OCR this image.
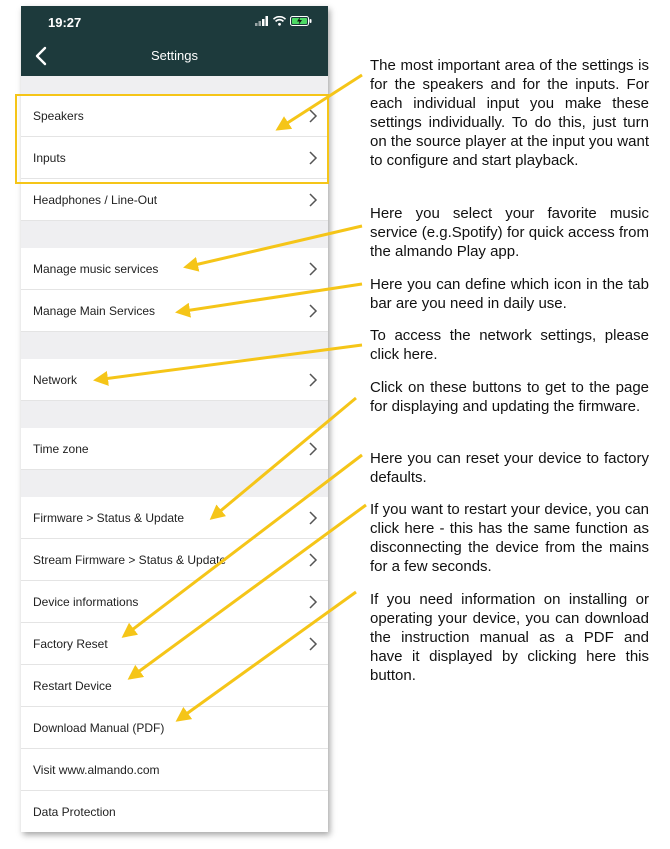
19:27
Settings
Speakers
Inputs
Headphones / Line-Out
Manage music services
Manage Main Services
Network
Time zone
Firmware > Status & Update
Stream Firmware > Status & Update
Device informations
Factory Reset
Restart Device
Download Manual (PDF)
Visit www.almando.com
Data Protection
The most important area of the settings is for the speakers and for the inputs. For each individual input you make these settings individually. To do this, just turn on the source player at the input you want to configure and start playback.
Here you select your favorite music service (e.g.Spotify) for quick access from the almando Play app.
Here you can define which icon in the tab bar are you need in daily use.
To access the network settings, please click here.
Click on these buttons to get to the page for displaying and updating the firmware.
Here you can reset your device to factory defaults.
If you want to restart your device, you can click here - this has the same function as disconnecting the device from the mains for a few seconds.
If you need information on installing or operating your device, you can download the instruction manual as a PDF and have it displayed by clicking here this button.
